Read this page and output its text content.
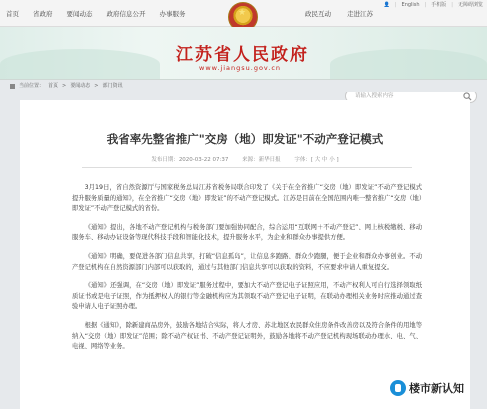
首页 省政府 要闻动态 政府信息公开 办事服务
★	政民互动 走进江苏
👤 | English | 手机版 | 无障碍浏览
江苏省人民政府
www.jiangsu.gov.cn
请输入搜索内容
当前位置： 首页 > 要闻动态 > 部门资讯
我省率先整省推广"交房（地）即发证"不动产登记模式
发布日期：2020-03-22 07:37	来源：新华日报	字体：[ 大 中 小 ]

3月19日，省自然资源厅与国家税务总局江苏省税务局联合印发了《关于在全省推广“交房（地）即发证”不动产登记模式提升服务质量的通知》，在全省推广“交房（地）即发证”的不动产登记模式。江苏是目前在全国范围内唯一整省推广“交房（地）即发证”不动产登记模式的省份。

《通知》提出，各地不动产登记机构与税务部门要加强协同配合，综合运用“互联网＋不动产登记”、网上核税缴税、移动服务车、移动办证设备等现代科技手段和智能化技术，提升服务水平，为企业和群众办事提供方便。

《通知》明确，要促进各部门信息共享，打破“信息孤岛”，让信息多跑路、群众少跑腿，便于企业和群众办事创业。不动产登记机构在自然资源部门内部可以获取的，通过与其他部门信息共享可以获取的资料，不应要求申请人重复提交。

《通知》还强调，在“交房（地）即发证”服务过程中，要加大不动产登记电子证照应用，不动产权利人可自行选择领取纸质证书或是电子证照，作为抵押权人的银行等金融机构应为其领取不动产登记电子证明，在联动办理相关业务时应推动通过查验申请人电子证照办理。

根据《通知》，除新建商品房外，鼓励各地结合实际，将人才房、苏北地区农民群众住房条件改善房以及符合条件的用地等纳入“交房（地）即发证”范围；除不动产权证书、不动产登记证明外，鼓励各地将不动产登记机构现场联动办理水、电、气、电视、网络等业务。

楼市新认知
